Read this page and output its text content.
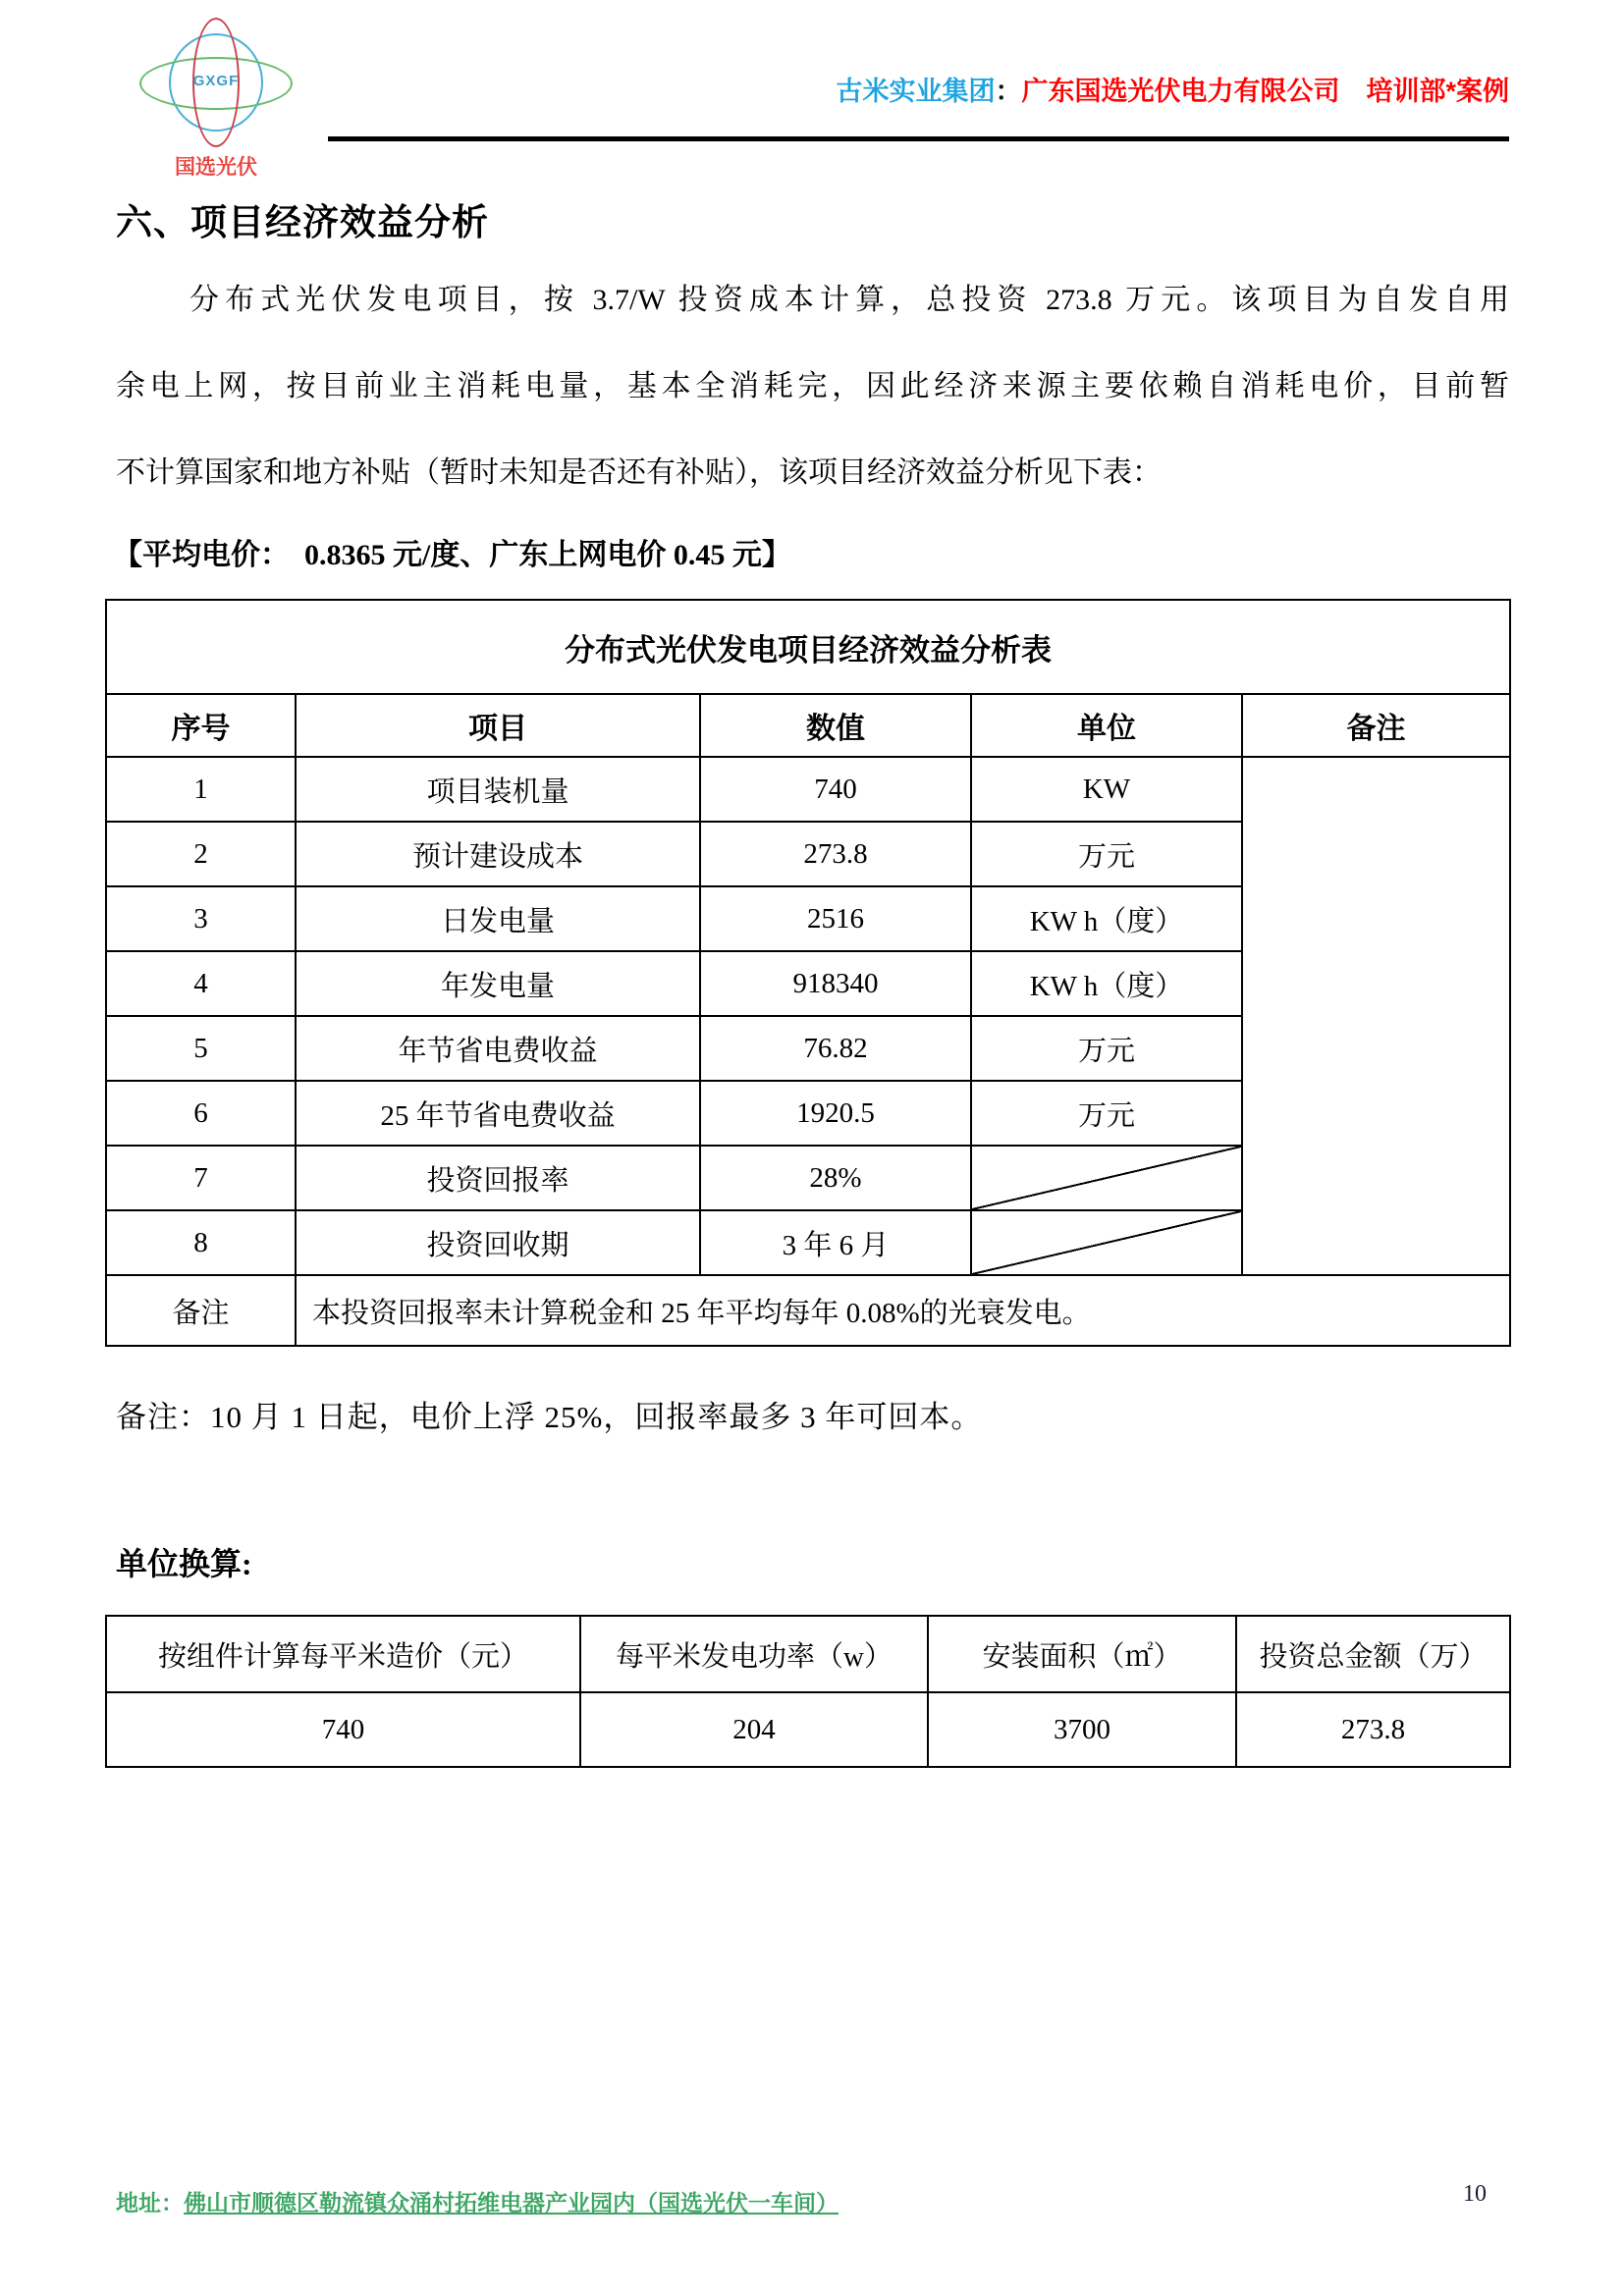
GXGF
国选光伏
古米实业集团：广东国选光伏电力有限公司　培训部*案例
六、项目经济效益分析
分布式光伏发电项目，按 3.7/W 投资成本计算，总投资 273.8 万元。该项目为自发自用
余电上网，按目前业主消耗电量，基本全消耗完，因此经济来源主要依赖自消耗电价，目前暂
不计算国家和地方补贴（暂时未知是否还有补贴），该项目经济效益分析见下表：
【平均电价：　0.8365 元/度、广东上网电价 0.45 元】
分布式光伏发电项目经济效益分析表				
序号	项目	数值	单位	备注
1	项目装机量	740	KW	
2	预计建设成本	273.8	万元	
3	日发电量	2516	KW h（度）	
4	年发电量	918340	KW h（度）	
5	年节省电费收益	76.82	万元	
6	25 年节省电费收益	1920.5	万元	
7	投资回报率	28%		
8	投资回收期	3 年 6 月		
备注	本投资回报率未计算税金和 25 年平均每年 0.08%的光衰发电。			
备注：10 月 1 日起，电价上浮 25%，回报率最多 3 年可回本。
单位换算:
按组件计算每平米造价（元）	每平米发电功率（w）	安装面积（㎡）	投资总金额（万）
740	204	3700	273.8
地址：佛山市顺德区勒流镇众涌村拓维电器产业园内（国选光伏一车间）	10
